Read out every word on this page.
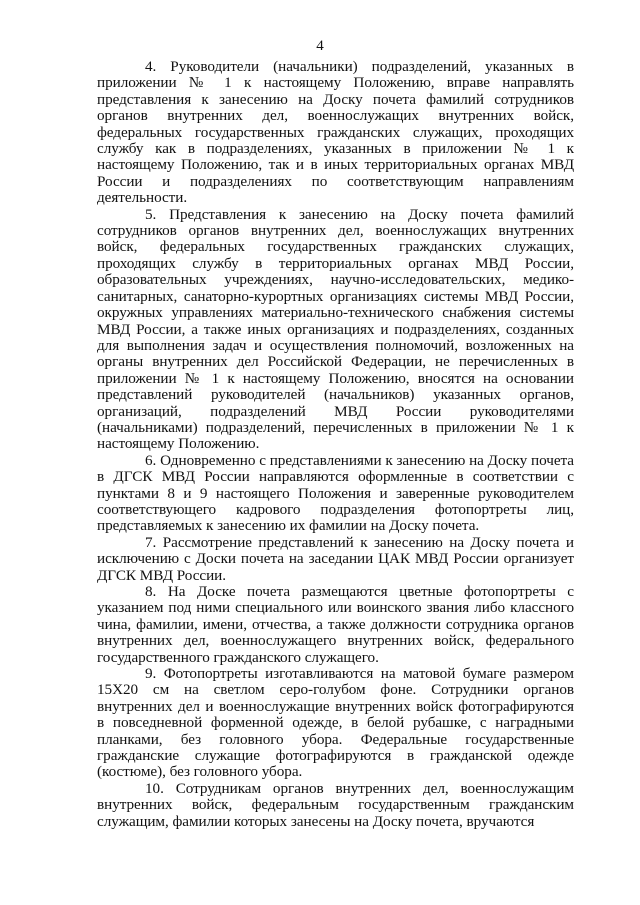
4

4. Руководители (начальники) подразделений, указанных в приложении № 1 к настоящему Положению, вправе направлять представления к занесению на Доску почета фамилий сотрудников органов внутренних дел, военнослужащих внутренних войск, федеральных государственных гражданских служащих, проходящих службу как в подразделениях, указанных в приложении № 1 к настоящему Положению, так и в иных территориальных органах МВД России и подразделениях по соответствующим направлениям деятельности.

5. Представления к занесению на Доску почета фамилий сотрудников органов внутренних дел, военнослужащих внутренних войск, федеральных государственных гражданских служащих, проходящих службу в территориальных органах МВД России, образовательных учреждениях, научно-исследовательских, медико-санитарных, санаторно-курортных организациях системы МВД России, окружных управлениях материально-технического снабжения системы МВД России, а также иных организациях и подразделениях, созданных для выполнения задач и осуществления полномочий, возложенных на органы внутренних дел Российской Федерации, не перечисленных в приложении № 1 к настоящему Положению, вносятся на основании представлений руководителей (начальников) указанных органов, организаций, подразделений МВД России руководителями (начальниками) подразделений, перечисленных в приложении № 1 к настоящему Положению.

6. Одновременно с представлениями к занесению на Доску почета в ДГСК МВД России направляются оформленные в соответствии с пунктами 8 и 9 настоящего Положения и заверенные руководителем соответствующего кадрового подразделения фотопортреты лиц, представляемых к занесению их фамилии на Доску почета.

7. Рассмотрение представлений к занесению на Доску почета и исключению с Доски почета на заседании ЦАК МВД России организует ДГСК МВД России.

8. На Доске почета размещаются цветные фотопортреты с указанием под ними специального или воинского звания либо классного чина, фамилии, имени, отчества, а также должности сотрудника органов внутренних дел, военнослужащего внутренних войск, федерального государственного гражданского служащего.

9. Фотопортреты изготавливаются на матовой бумаге размером 15Х20 см на светлом серо-голубом фоне. Сотрудники органов внутренних дел и военнослужащие внутренних войск фотографируются в повседневной форменной одежде, в белой рубашке, с наградными планками, без головного убора. Федеральные государственные гражданские служащие фотографируются в гражданской одежде (костюме), без головного убора.

10. Сотрудникам органов внутренних дел, военнослужащим внутренних войск, федеральным государственным гражданским служащим, фамилии которых занесены на Доску почета, вручаются
